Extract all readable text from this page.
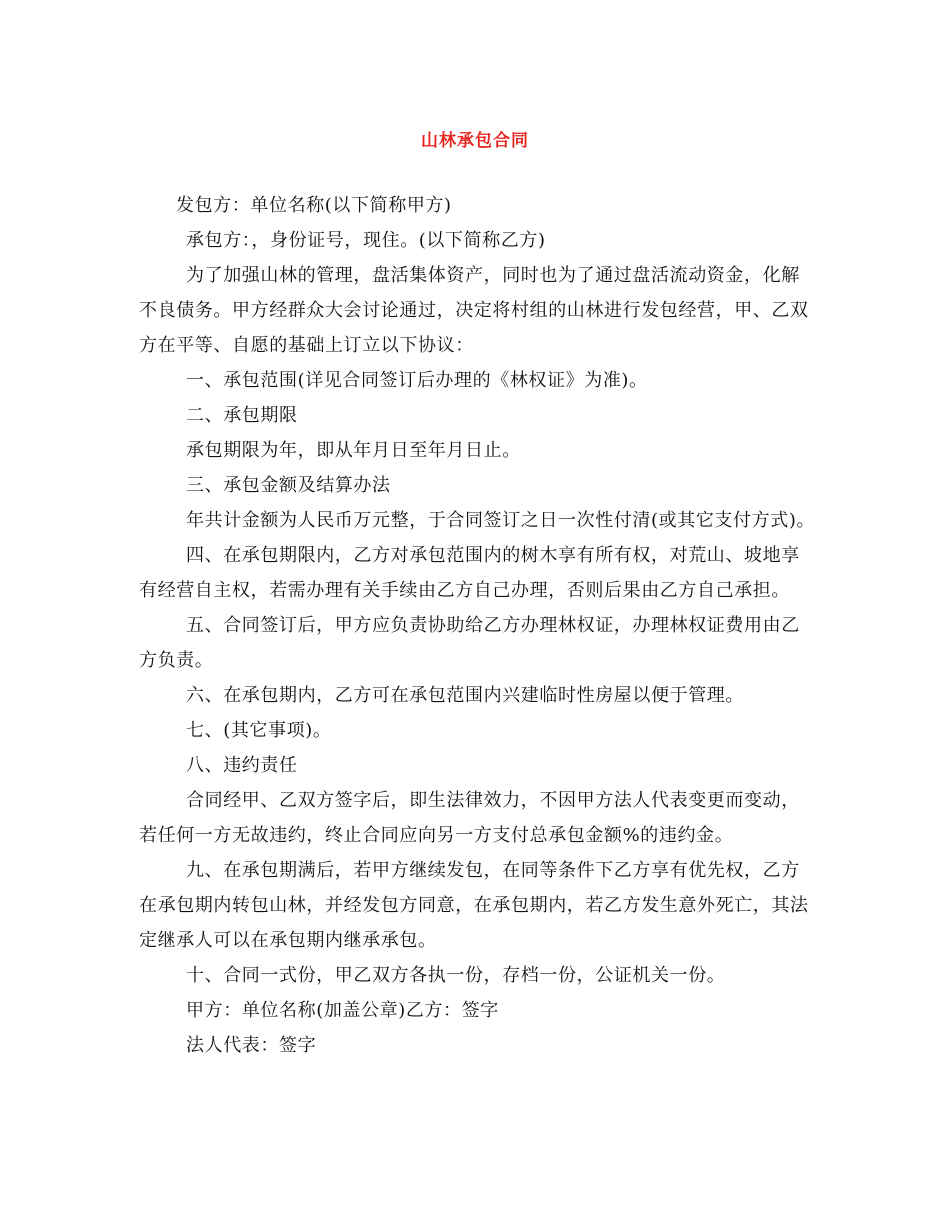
山林承包合同
发包方：单位名称(以下简称甲方)
承包方：，身份证号，现住。(以下简称乙方)
为了加强山林的管理，盘活集体资产，同时也为了通过盘活流动资金，化解
不良债务。甲方经群众大会讨论通过，决定将村组的山林进行发包经营，甲、乙双
方在平等、自愿的基础上订立以下协议：
一、承包范围(详见合同签订后办理的《林权证》为准)。
二、承包期限
承包期限为年，即从年月日至年月日止。
三、承包金额及结算办法
年共计金额为人民币万元整，于合同签订之日一次性付清(或其它支付方式)。
四、在承包期限内，乙方对承包范围内的树木享有所有权，对荒山、坡地享
有经营自主权，若需办理有关手续由乙方自己办理，否则后果由乙方自己承担。
五、合同签订后，甲方应负责协助给乙方办理林权证，办理林权证费用由乙
方负责。
六、在承包期内，乙方可在承包范围内兴建临时性房屋以便于管理。
七、(其它事项)。
八、违约责任
合同经甲、乙双方签字后，即生法律效力，不因甲方法人代表变更而变动，
若任何一方无故违约，终止合同应向另一方支付总承包金额%的违约金。
九、在承包期满后，若甲方继续发包，在同等条件下乙方享有优先权，乙方
在承包期内转包山林，并经发包方同意，在承包期内，若乙方发生意外死亡，其法
定继承人可以在承包期内继承承包。
十、合同一式份，甲乙双方各执一份，存档一份，公证机关一份。
甲方：单位名称(加盖公章)乙方：签字
法人代表：签字
